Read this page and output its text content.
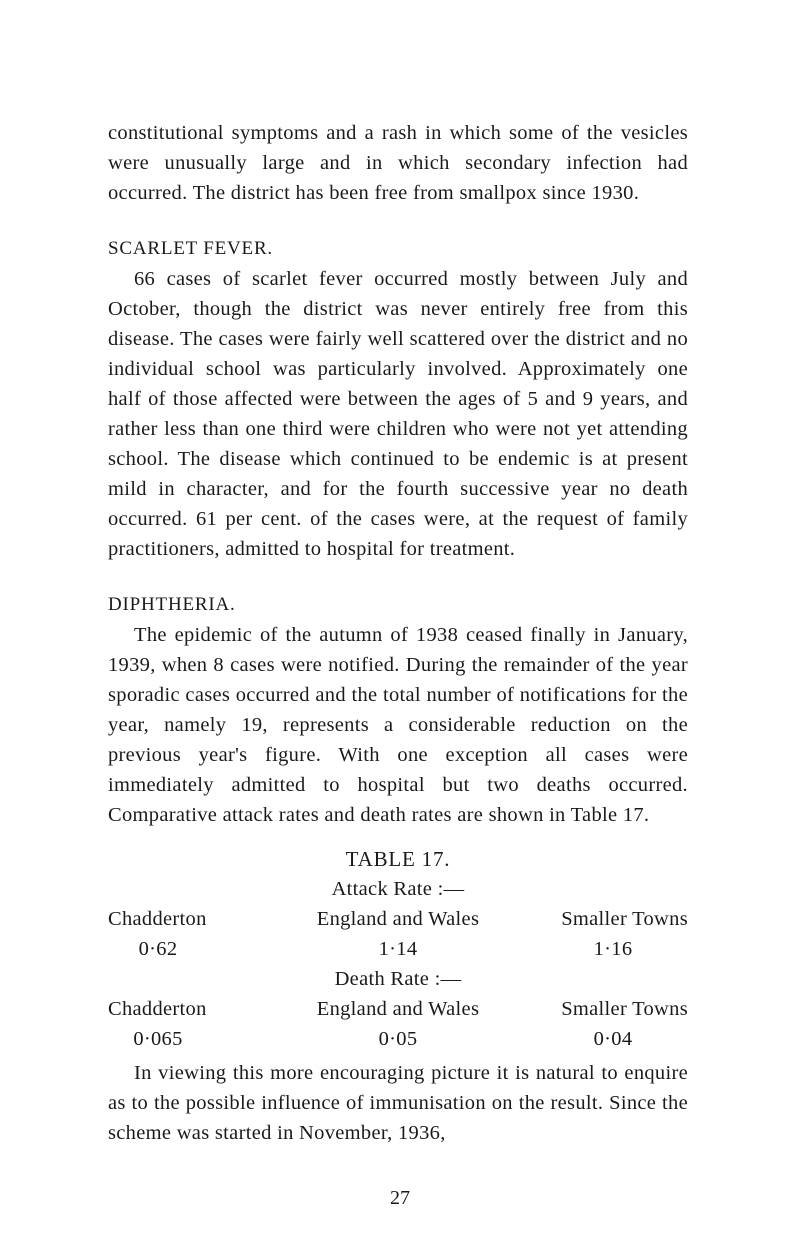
constitutional symptoms and a rash in which some of the vesicles were unusually large and in which secondary infection had occurred. The district has been free from smallpox since 1930.

SCARLET FEVER.

66 cases of scarlet fever occurred mostly between July and October, though the district was never entirely free from this disease. The cases were fairly well scattered over the district and no individual school was particularly involved. Approximately one half of those affected were between the ages of 5 and 9 years, and rather less than one third were children who were not yet attending school. The disease which continued to be endemic is at present mild in character, and for the fourth successive year no death occurred. 61 per cent. of the cases were, at the request of family practitioners, admitted to hospital for treatment.

DIPHTHERIA.

The epidemic of the autumn of 1938 ceased finally in January, 1939, when 8 cases were notified. During the remainder of the year sporadic cases occurred and the total number of notifications for the year, namely 19, represents a considerable reduction on the previous year's figure. With one exception all cases were immediately admitted to hospital but two deaths occurred. Comparative attack rates and death rates are shown in Table 17.

TABLE 17.
Attack Rate :—
Chadderton	England and Wales	Smaller Towns
0·62	1·14	1·16
Death Rate :—
Chadderton	England and Wales	Smaller Towns
0·065	0·05	0·04

In viewing this more encouraging picture it is natural to enquire as to the possible influence of immunisation on the result. Since the scheme was started in November, 1936,

27
